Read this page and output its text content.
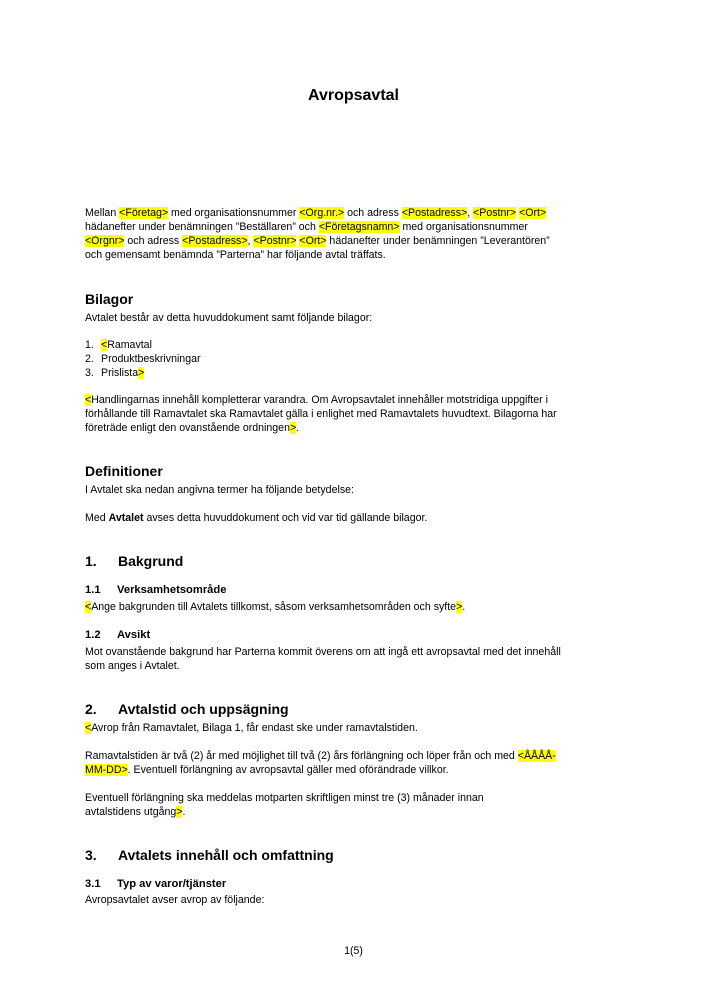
Avropsavtal
Mellan <Företag> med organisationsnummer <Org.nr.> och adress <Postadress>, <Postnr> <Ort>
hädanefter under benämningen ”Beställaren” och <Företagsnamn> med organisationsnummer
<Orgnr> och adress <Postadress>, <Postnr> <Ort> hädanefter under benämningen ”Leverantören”
och gemensamt benämnda ”Parterna” har följande avtal träffats.
Bilagor
Avtalet består av detta huvuddokument samt följande bilagor:
1. <Ramavtal
2. Produktbeskrivningar
3. Prislista>
<Handlingarnas innehåll kompletterar varandra. Om Avropsavtalet innehåller motstridiga uppgifter i
förhållande till Ramavtalet ska Ramavtalet gälla i enlighet med Ramavtalets huvudtext. Bilagorna har
företräde enligt den ovanstående ordningen>.
Definitioner
I Avtalet ska nedan angivna termer ha följande betydelse:
Med Avtalet avses detta huvuddokument och vid var tid gällande bilagor.
1. Bakgrund
1.1 Verksamhetsområde
<Ange bakgrunden till Avtalets tillkomst, såsom verksamhetsområden och syfte>.
1.2 Avsikt
Mot ovanstående bakgrund har Parterna kommit överens om att ingå ett avropsavtal med det innehåll
som anges i Avtalet.
2. Avtalstid och uppsägning
<Avrop från Ramavtalet, Bilaga 1, får endast ske under ramavtalstiden.
Ramavtalstiden är två (2) år med möjlighet till två (2) års förlängning och löper från och med <ÅÅÅÅ-
MM-DD>. Eventuell förlängning av avropsavtal gäller med oförändrade villkor.
Eventuell förlängning ska meddelas motparten skriftligen minst tre (3) månader innan
avtalstidens utgång>.
3. Avtalets innehåll och omfattning
3.1 Typ av varor/tjänster
Avropsavtalet avser avrop av följande:
1(5)
